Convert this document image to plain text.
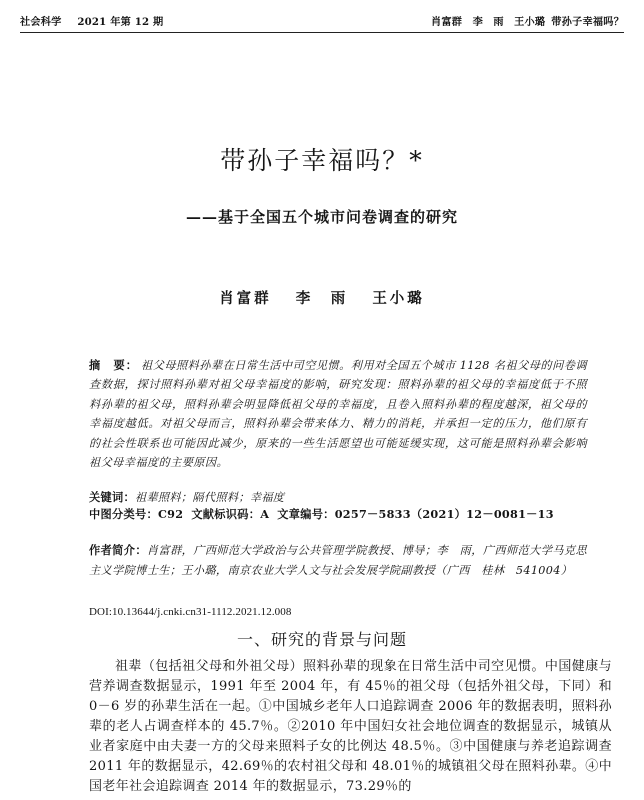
社会科学 2021 年第 12 期	肖富群　李　雨　王小璐 带孙子幸福吗？
带孙子幸福吗？*
——基于全国五个城市问卷调查的研究
肖富群 李　雨 王小璐
摘　要： 祖父母照料孙辈在日常生活中司空见惯。利用对全国五个城市 1128 名祖父母的问卷调查数据，探讨照料孙辈对祖父母幸福度的影响，研究发现：照料孙辈的祖父母的幸福度低于不照料孙辈的祖父母，照料孙辈会明显降低祖父母的幸福度，且卷入照料孙辈的程度越深，祖父母的幸福度越低。对祖父母而言，照料孙辈会带来体力、精力的消耗，并承担一定的压力，他们原有的社会性联系也可能因此减少，原来的一些生活愿望也可能延缓实现，这可能是照料孙辈会影响祖父母幸福度的主要原因。
关键词：祖辈照料；隔代照料；幸福度
中图分类号：C92 文献标识码：A 文章编号：0257－5833（2021）12－0081－13
作者简介：肖富群，广西师范大学政治与公共管理学院教授、博导；李　雨，广西师范大学马克思主义学院博士生；王小璐，南京农业大学人文与社会发展学院副教授（广西　桂林　541004）
DOI:10.13644/j.cnki.cn31-1112.2021.12.008
一、研究的背景与问题

祖辈（包括祖父母和外祖父母）照料孙辈的现象在日常生活中司空见惯。中国健康与营养调查数据显示，1991 年至 2004 年，有 45％的祖父母（包括外祖父母，下同）和 0－6 岁的孙辈生活在一起。①中国城乡老年人口追踪调查 2006 年的数据表明，照料孙辈的老人占调查样本的 45.7％。②2010 年中国妇女社会地位调查的数据显示，城镇从业者家庭中由夫妻一方的父母来照料子女的比例达 48.5％。③中国健康与养老追踪调查 2011 年的数据显示，42.69％的农村祖父母和 48.01％的城镇祖父母在照料孙辈。④中国老年社会追踪调查 2014 年的数据显示，73.29％的
